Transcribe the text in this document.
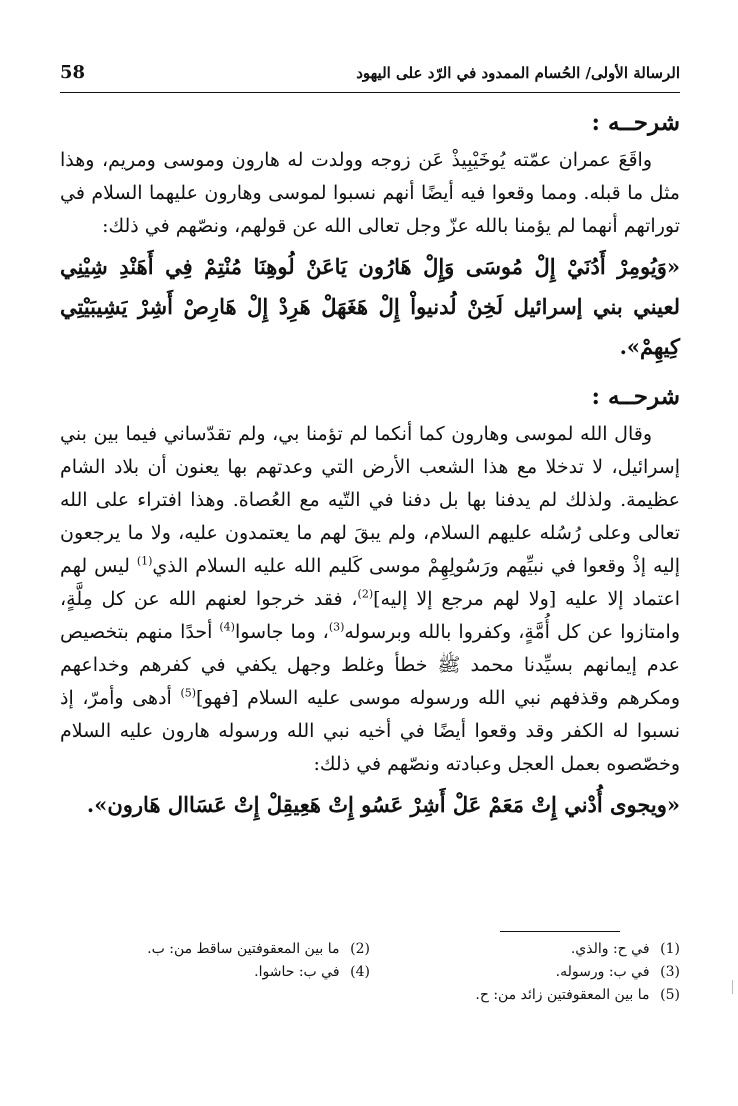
58	الرسالة الأولى/ الحُسام الممدود في الرّد على اليهود
شرحــه :

واقَعَ عمران عمّته يُوخَيْبِيذْ عَن زوجه وولدت له هارون وموسى ومريم، وهذا مثل ما قبله. ومما وقعوا فيه أيضًا أنهم نسبوا لموسى وهارون عليهما السلام في توراتهم أنهما لم يؤمنا بالله عزّ وجل تعالى الله عن قولهم، ونصّهم في ذلك:

«وَيُومِرْ أَدُنَيْ إِلْ مُوسَى وَإِلْ هَارُون يَاعَنْ لُوهِنَا مُنْتِمْ فِي أَهَنْدِ شِيْنِي لعيني بني إسرائيل لَخِنْ لُدنيواْ إِلْ هَغَهَلْ هَرِدْ إِلْ هَارِصْ أَشِرْ يَشِيبَيْتِي كِيهِمْ».

شرحــه :

وقال الله لموسى وهارون كما أنكما لم تؤمنا بي، ولم تقدّساني فيما بين بني إسرائيل، لا تدخلا مع هذا الشعب الأرض التي وعدتهم بها يعنون أن بلاد الشام عظيمة. ولذلك لم يدفنا بها بل دفنا في التّيه مع العُصاة. وهذا افتراء على الله تعالى وعلى رُسُله عليهم السلام، ولم يبقَ لهم ما يعتمدون عليه، ولا ما يرجعون إليه إذْ وقعوا في نبيِّهم ورَسُولِهِمْ موسى كَليم الله عليه السلام الذي$^{(1)}$ ليس لهم اعتماد إلا عليه [ولا لهم مرجع إلا إليه]$^{(2)}$، فقد خرجوا لعنهم الله عن كل مِلَّةٍ، وامتازوا عن كل أُمَّةٍ، وكفروا بالله وبرسوله$^{(3)}$، وما جاسوا$^{(4)}$ أحدًا منهم بتخصيص عدم إيمانهم بسيِّدنا محمد ﷺ خطأ وغلط وجهل يكفي في كفرهم وخداعهم ومكرهم وقذفهم نبي الله ورسوله موسى عليه السلام [فهو]$^{(5)}$ أدهى وأمرّ، إذ نسبوا له الكفر وقد وقعوا أيضًا في أخيه نبي الله ورسوله هارون عليه السلام وخصّصوه بعمل العجل وعبادته ونصّهم في ذلك:

«ويجوى أُدْني إِتْ مَعَمْ عَلْ أَشِرْ عَسُو إِتْ هَعِيقِلْ إِتْ عَسَاال هَارون».

(1) في ح: والذي.
(2) ما بين المعقوفتين ساقط من: ب.
(3) في ب: ورسوله.
(4) في ب: حاشوا.
(5) ما بين المعقوفتين زائد من: ح.
